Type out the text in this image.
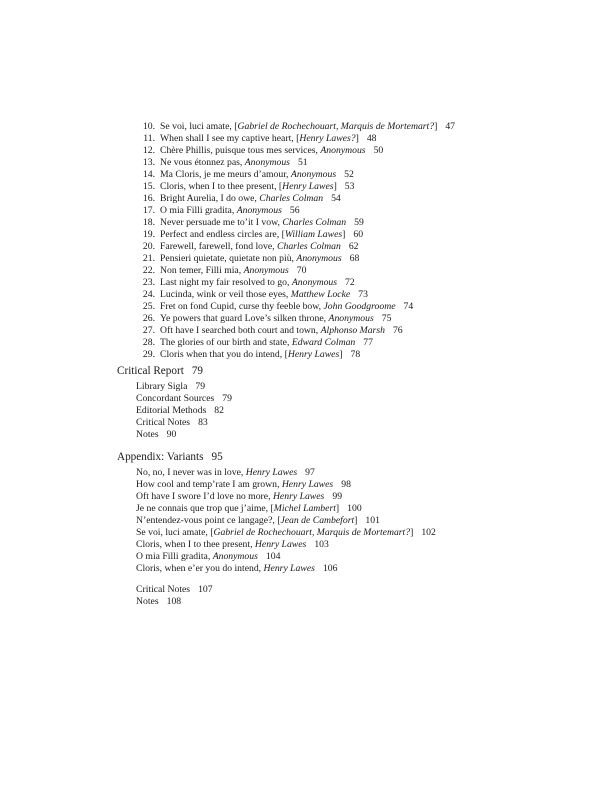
10. Se voi, luci amate, [Gabriel de Rochechouart, Marquis de Mortemart?] 47
11. When shall I see my captive heart, [Henry Lawes?] 48
12. Chère Phillis, puisque tous mes services, Anonymous 50
13. Ne vous étonnez pas, Anonymous 51
14. Ma Cloris, je me meurs d’amour, Anonymous 52
15. Cloris, when I to thee present, [Henry Lawes] 53
16. Bright Aurelia, I do owe, Charles Colman 54
17. O mia Filli gradita, Anonymous 56
18. Never persuade me to’it I vow, Charles Colman 59
19. Perfect and endless circles are, [William Lawes] 60
20. Farewell, farewell, fond love, Charles Colman 62
21. Pensieri quietate, quietate non più, Anonymous 68
22. Non temer, Filli mia, Anonymous 70
23. Last night my fair resolved to go, Anonymous 72
24. Lucinda, wink or veil those eyes, Matthew Locke 73
25. Fret on fond Cupid, curse thy feeble bow, John Goodgroome 74
26. Ye powers that guard Love’s silken throne, Anonymous 75
27. Oft have I searched both court and town, Alphonso Marsh 76
28. The glories of our birth and state, Edward Colman 77
29. Cloris when that you do intend, [Henry Lawes] 78
Critical Report 79
Library Sigla 79
Concordant Sources 79
Editorial Methods 82
Critical Notes 83
Notes 90
Appendix: Variants 95
No, no, I never was in love, Henry Lawes 97
How cool and temp’rate I am grown, Henry Lawes 98
Oft have I swore I’d love no more, Henry Lawes 99
Je ne connais que trop que j’aime, [Michel Lambert] 100
N’entendez-vous point ce langage?, [Jean de Cambefort] 101
Se voi, luci amate, [Gabriel de Rochechouart, Marquis de Mortemart?] 102
Cloris, when I to thee present, Henry Lawes 103
O mia Filli gradita, Anonymous 104
Cloris, when e’er you do intend, Henry Lawes 106
Critical Notes 107
Notes 108
